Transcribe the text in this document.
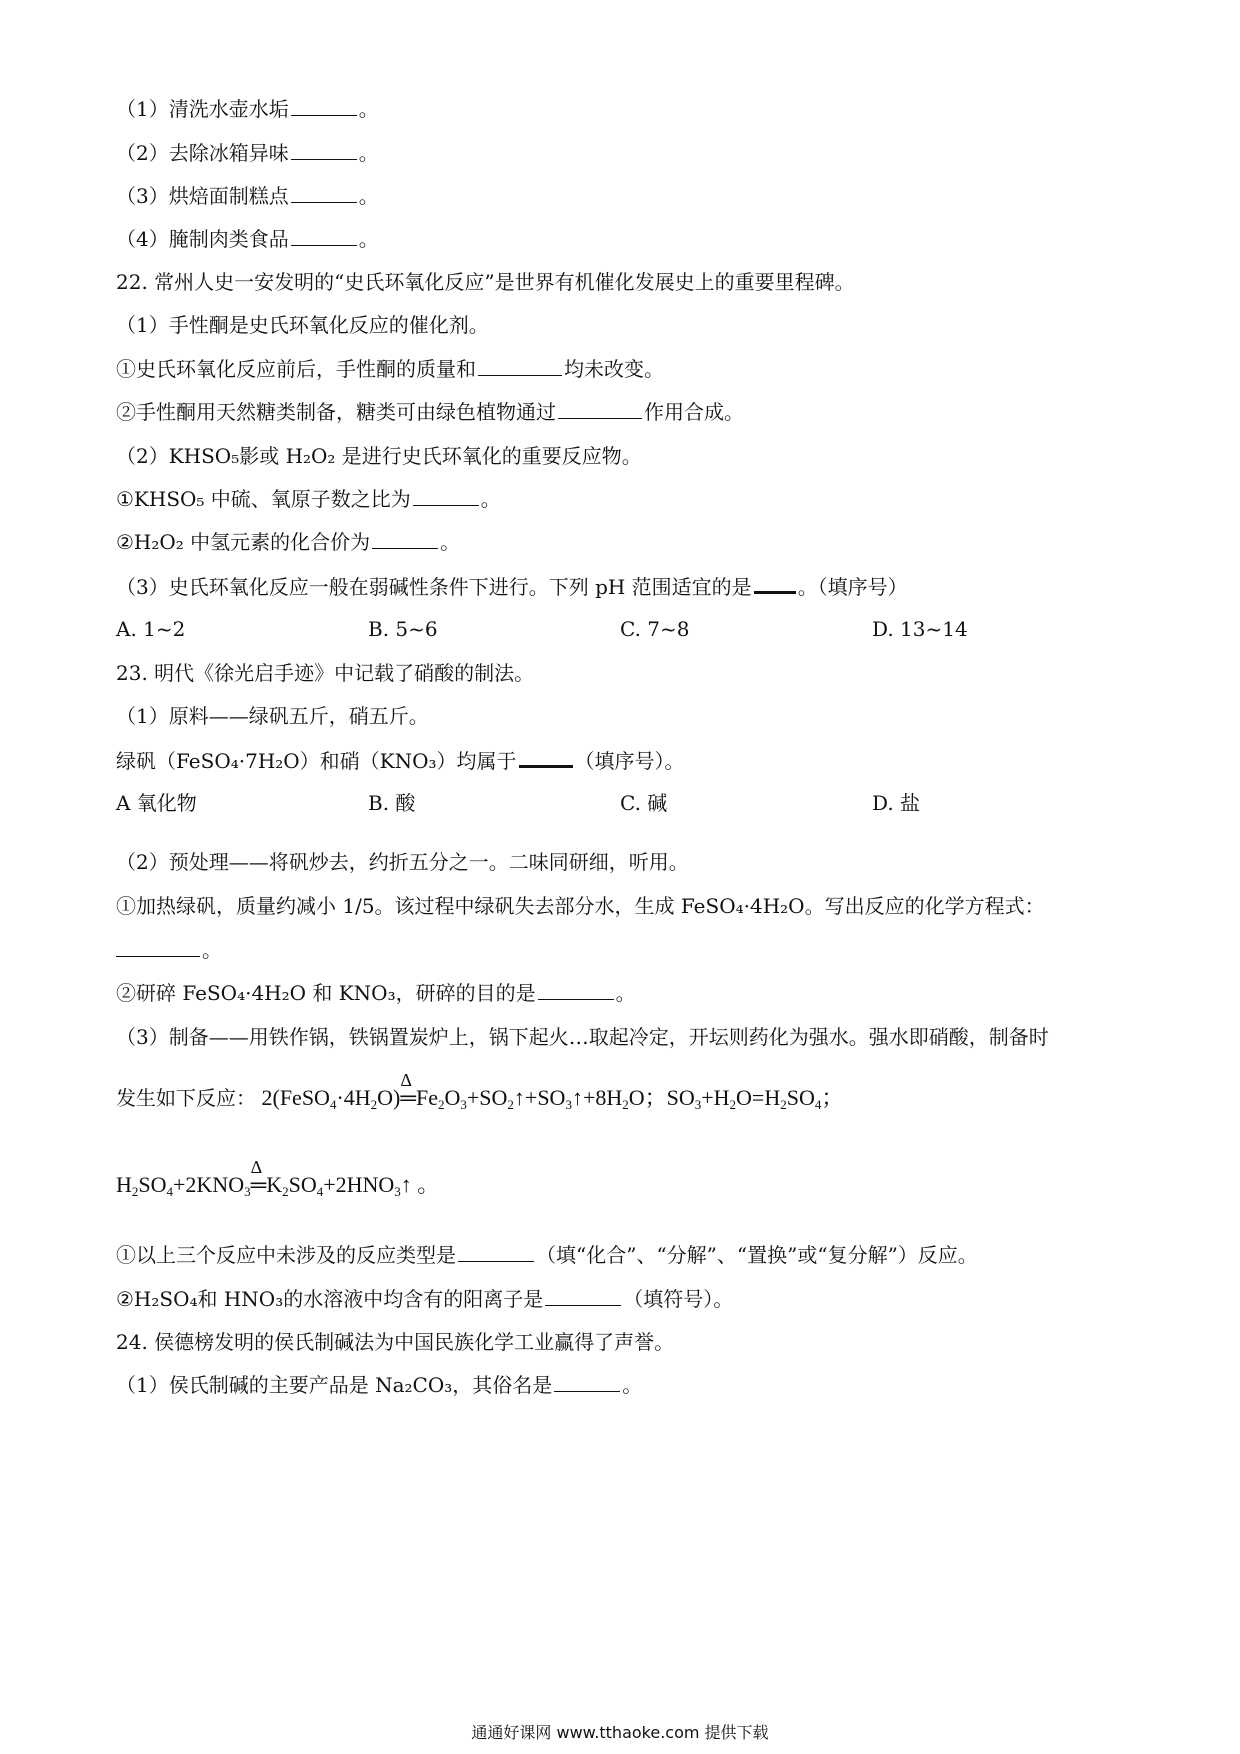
（1）清洗水壶水垢	。
（2）去除冰箱异味	。
（3）烘焙面制糕点	。
（4）腌制肉类食品	。
22. 常州人史一安发明的“史氏环氧化反应”是世界有机催化发展史上的重要里程碑。
（1）手性酮是史氏环氧化反应的催化剂。
①史氏环氧化反应前后，手性酮的质量和	均未改变。
②手性酮用天然糖类制备，糖类可由绿色植物通过	作用合成。
（2）KHSO₅影或 H₂O₂ 是进行史氏环氧化的重要反应物。
①KHSO₅ 中硫、氧原子数之比为	。
②H₂O₂ 中氢元素的化合价为	。
（3）史氏环氧化反应一般在弱碱性条件下进行。下列 pH 范围适宜的是 。（填序号）
A. 1~2	B. 5~6	C. 7~8	D. 13~14
23. 明代《徐光启手迹》中记载了硝酸的制法。
（1）原料——绿矾五斤，硝五斤。
绿矾（FeSO₄·7H₂O）和硝（KNO₃）均属于	（填序号）。
A 氧化物	B. 酸	C. 碱	D. 盐
（2）预处理——将矾炒去，约折五分之一。二味同研细，听用。
①加热绿矾，质量约减小 1/5。该过程中绿矾失去部分水，生成 FeSO₄·4H₂O。写出反应的化学方程式：
。
②研碎 FeSO₄·4H₂O 和 KNO₃，研碎的目的是	。
（3）制备——用铁作锅，铁锅置炭炉上，锅下起火…取起冷定，开坛则药化为强水。强水即硝酸，制备时
发生如下反应： $2(FeSO_4\cdot 4H_2O)$
Δ
$═Fe_2O_3+SO_2↑+SO_3↑+8H_2O$；$SO_3+H_2O=H_2SO_4$；
$H_2SO_4+2KNO_3$
Δ
$═K_2SO_4+2HNO_3↑$ 。
①以上三个反应中未涉及的反应类型是	（填“化合”、“分解”、“置换”或“复分解”）反应。
②H₂SO₄和 HNO₃的水溶液中均含有的阳离子是	（填符号）。
24. 侯德榜发明的侯氏制碱法为中国民族化学工业赢得了声誉。
（1）侯氏制碱的主要产品是 Na₂CO₃，其俗名是	。
通通好课网 www.tthaoke.com 提供下载
